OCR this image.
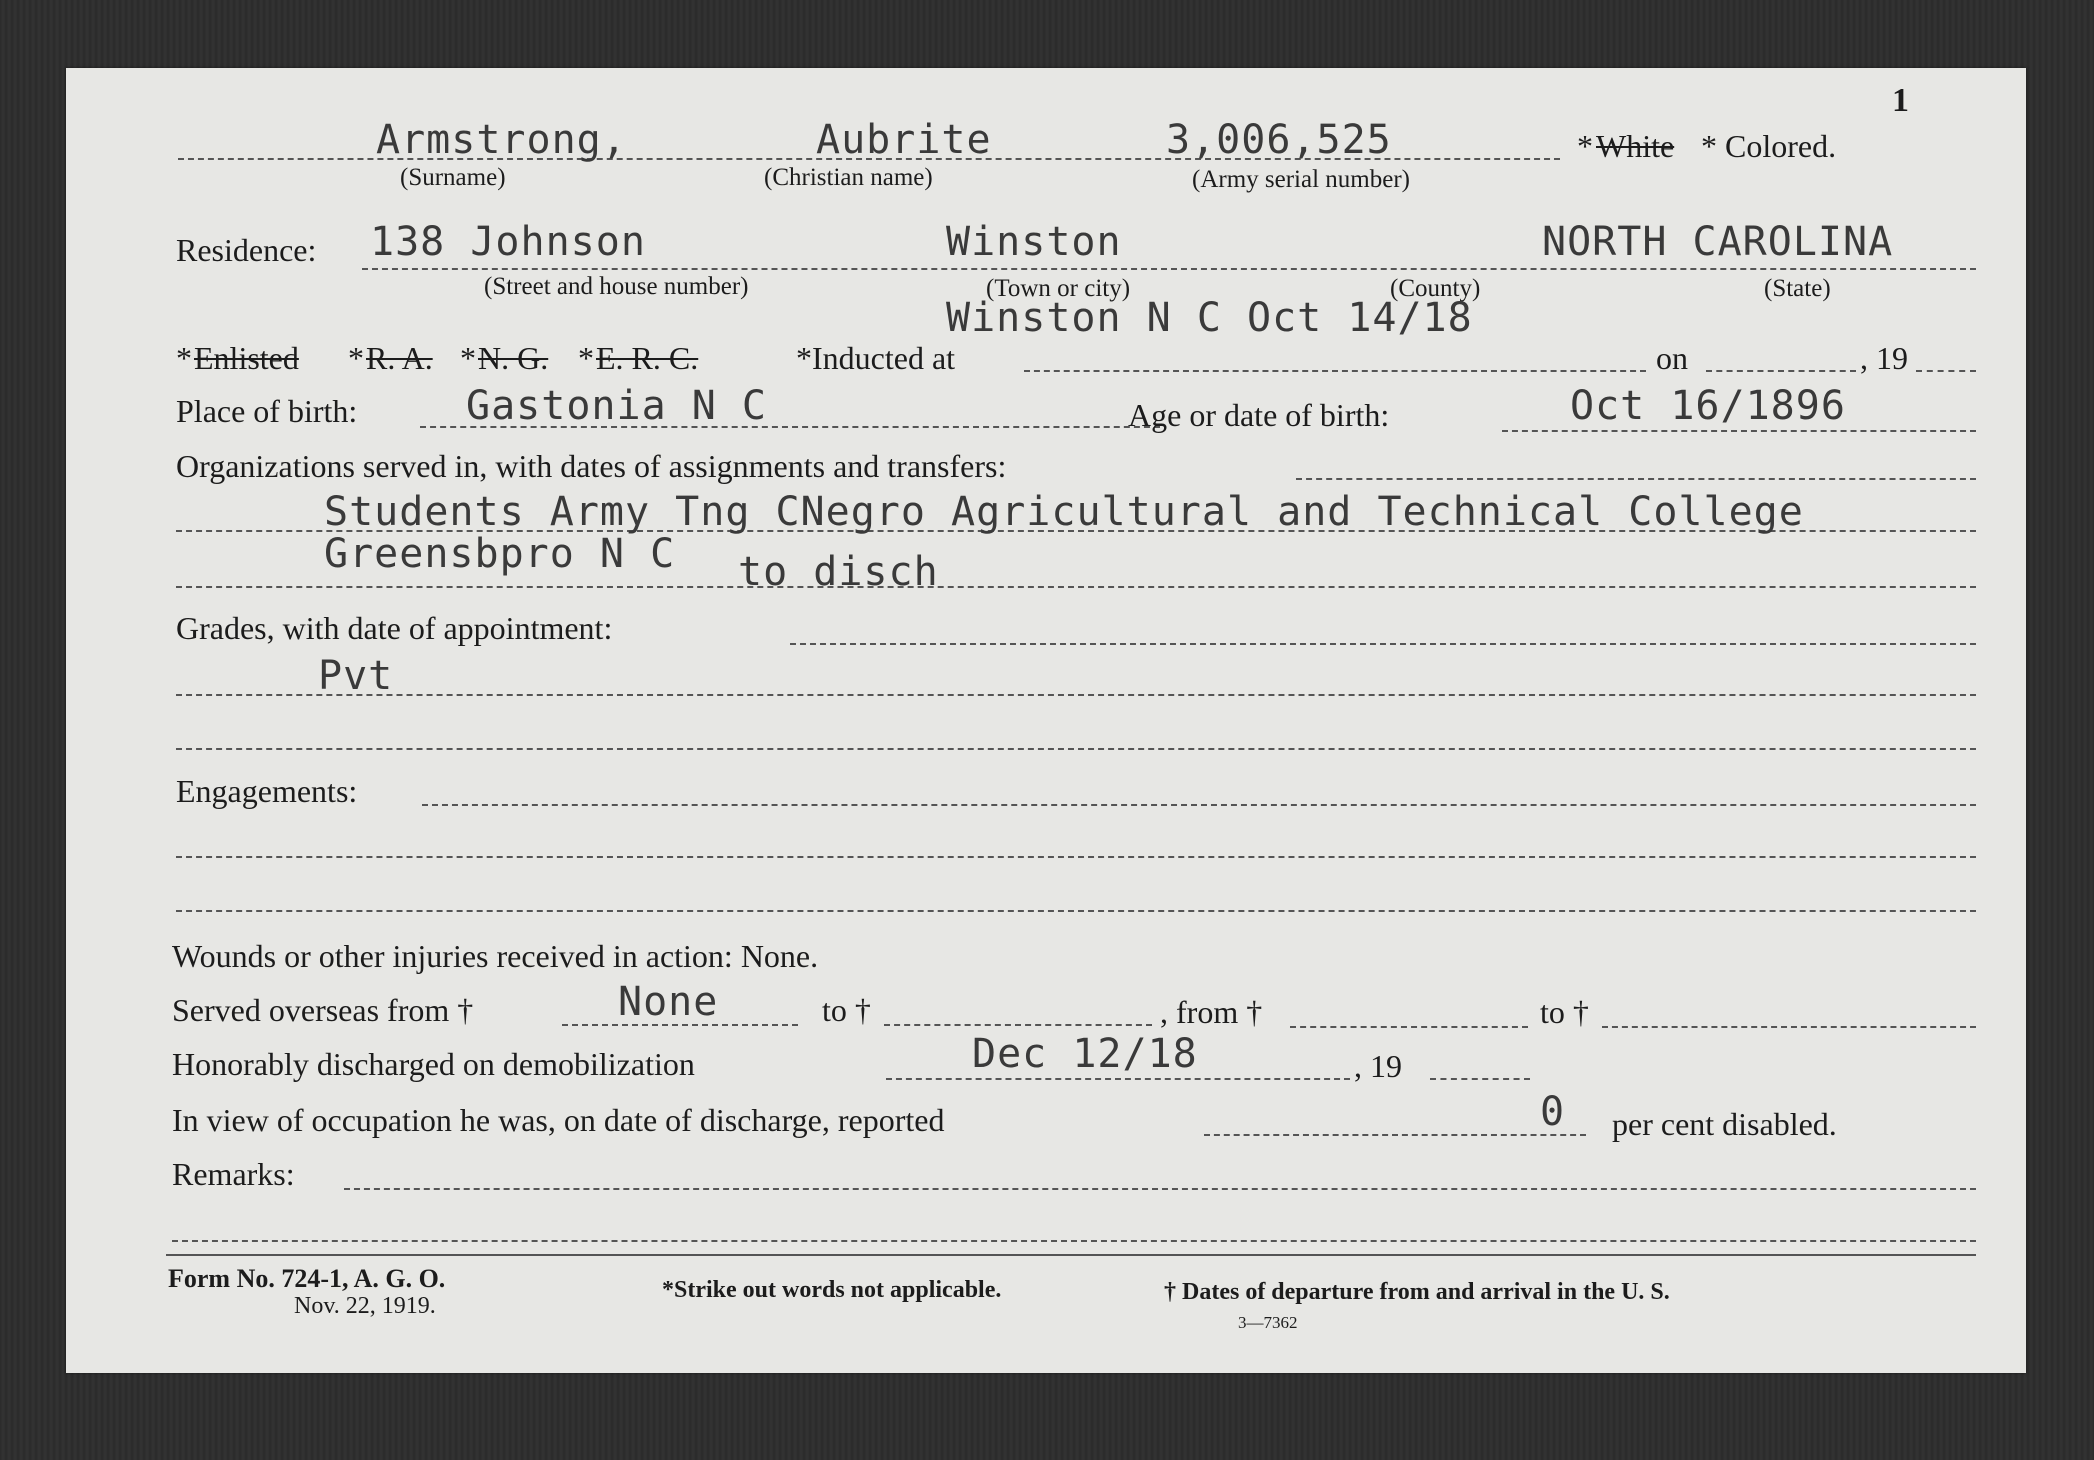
1
Armstrong,	Aubrite	3,006,525
(Surname)	(Christian name)	(Army serial number)
* White * Colored.
Residence: 138 Johnson	Winston	NORTH CAROLINA
(Street and house number)	(Town or city)	(County)	(State)
Winston N C Oct 14/18
* Enlisted * R. A. * N. G. * E. R. C.	*Inducted at	on	, 19
Place of birth:	Gastonia N C	Age or date of birth:	Oct 16/1896
Organizations served in, with dates of assignments and transfers:
Students Army Tng CNegro Agricultural and Technical College
Greensbpro N C to disch
Grades, with date of appointment:
Pvt
Engagements:
Wounds or other injuries received in action: None.
Served overseas from †	None	to †	, from †	to †
Honorably discharged on demobilization	Dec 12/18	, 19
In view of occupation he was, on date of discharge, reported	0 per cent disabled.
Remarks:
Form No. 724-1, A. G. O.
Nov. 22, 1919.
*Strike out words not applicable.	† Dates of departure from and arrival in the U. S.
3—7362
